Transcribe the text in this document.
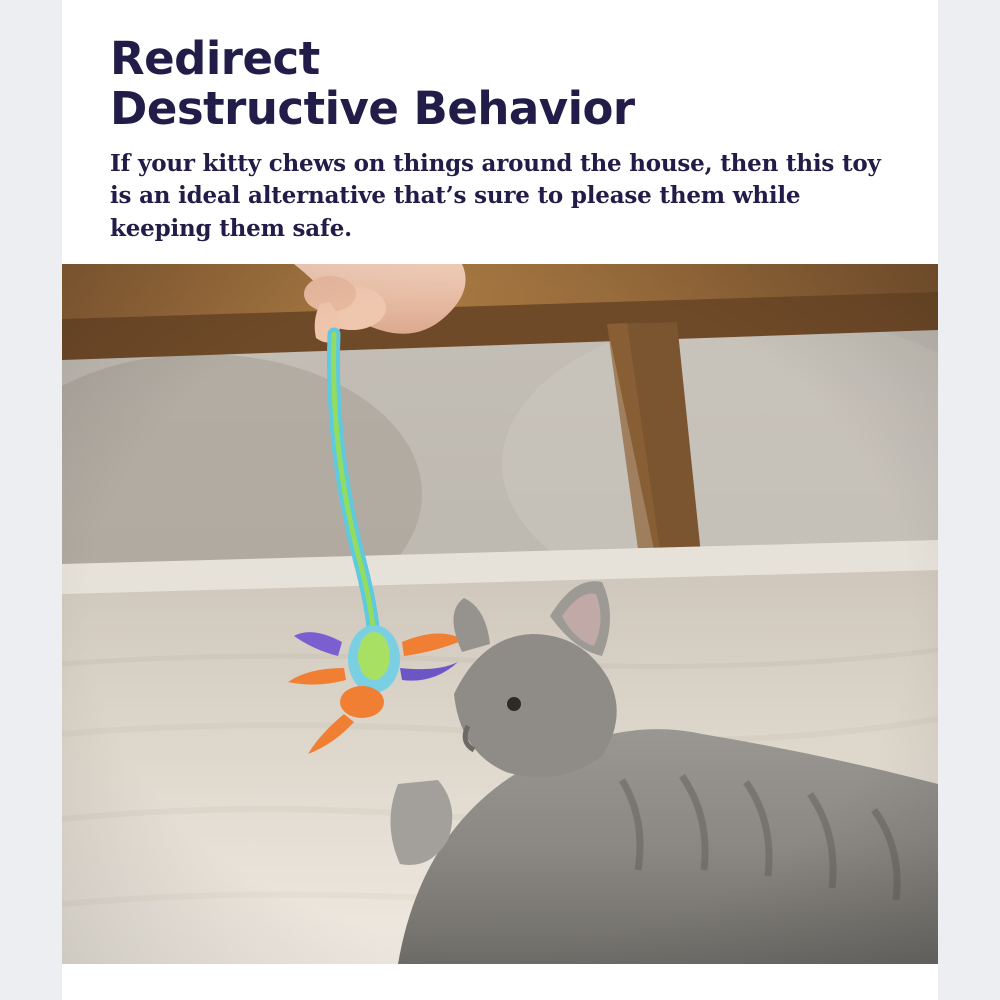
Redirect
Destructive Behavior

If your kitty chews on things around the house, then this toy is an ideal alternative that’s sure to please them while keeping them safe.
